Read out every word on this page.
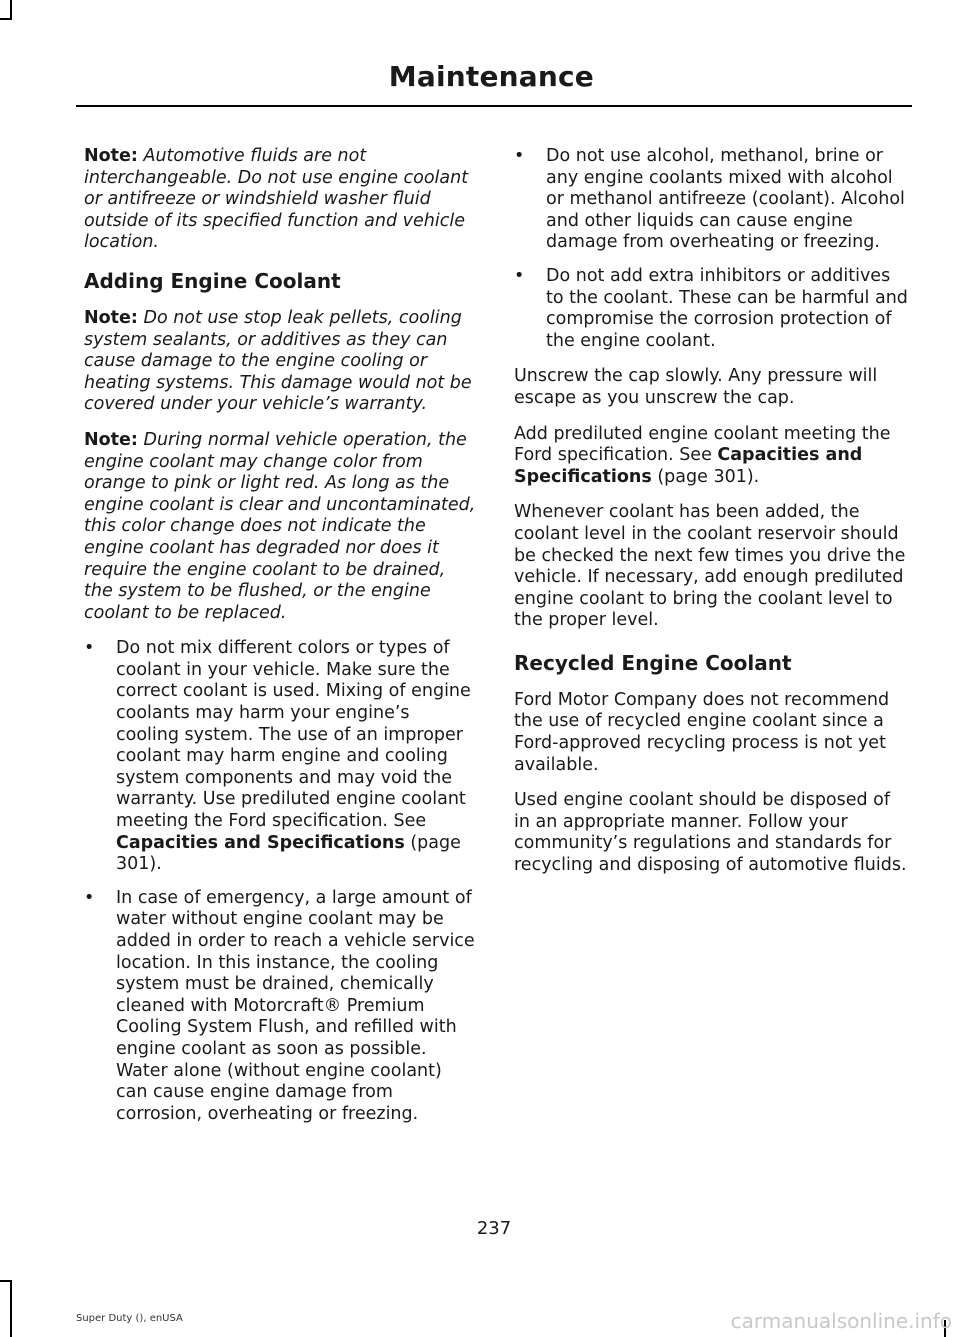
Maintenance

Note: Automotive fluids are not interchangeable. Do not use engine coolant or antifreeze or windshield washer fluid outside of its specified function and vehicle location.

Adding Engine Coolant

Note: Do not use stop leak pellets, cooling system sealants, or additives as they can cause damage to the engine cooling or heating systems. This damage would not be covered under your vehicle’s warranty.

Note: During normal vehicle operation, the engine coolant may change color from orange to pink or light red. As long as the engine coolant is clear and uncontaminated, this color change does not indicate the engine coolant has degraded nor does it require the engine coolant to be drained, the system to be flushed, or the engine coolant to be replaced.

• Do not mix different colors or types of coolant in your vehicle. Make sure the correct coolant is used. Mixing of engine coolants may harm your engine’s cooling system. The use of an improper coolant may harm engine and cooling system components and may void the warranty. Use prediluted engine coolant meeting the Ford specification. See Capacities and Specifications (page 301).
• In case of emergency, a large amount of water without engine coolant may be added in order to reach a vehicle service location. In this instance, the cooling system must be drained, chemically cleaned with Motorcraft® Premium Cooling System Flush, and refilled with engine coolant as soon as possible. Water alone (without engine coolant) can cause engine damage from corrosion, overheating or freezing.
• Do not use alcohol, methanol, brine or any engine coolants mixed with alcohol or methanol antifreeze (coolant). Alcohol and other liquids can cause engine damage from overheating or freezing.
• Do not add extra inhibitors or additives to the coolant. These can be harmful and compromise the corrosion protection of the engine coolant.

Unscrew the cap slowly. Any pressure will escape as you unscrew the cap.

Add prediluted engine coolant meeting the Ford specification. See Capacities and Specifications (page 301).

Whenever coolant has been added, the coolant level in the coolant reservoir should be checked the next few times you drive the vehicle. If necessary, add enough prediluted engine coolant to bring the coolant level to the proper level.

Recycled Engine Coolant

Ford Motor Company does not recommend the use of recycled engine coolant since a Ford-approved recycling process is not yet available.

Used engine coolant should be disposed of in an appropriate manner. Follow your community’s regulations and standards for recycling and disposing of automotive fluids.

237
Super Duty (), enUSA	carmanualsonline.info
